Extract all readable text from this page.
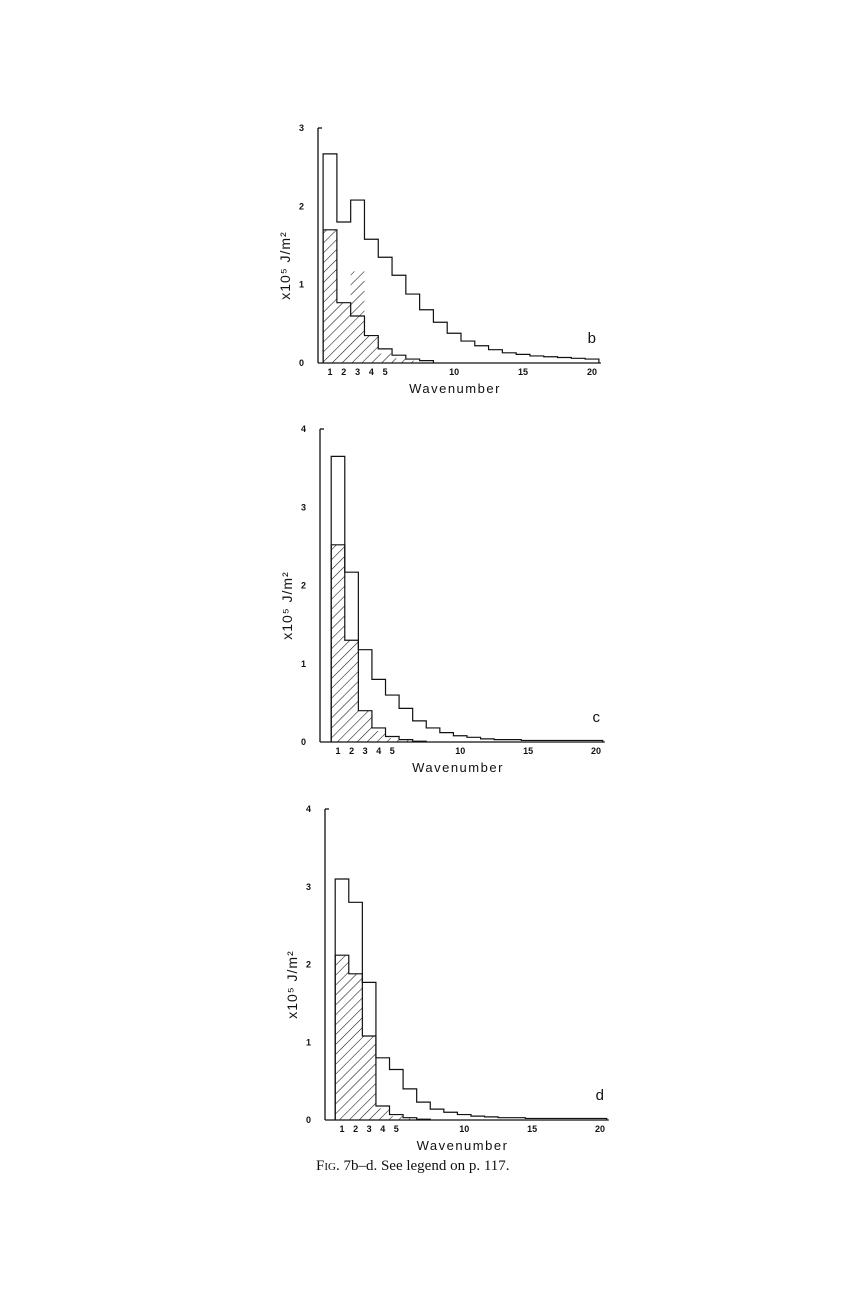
0
1
2
3
1 2 3 4 5	10	15	20
Wavenumber
x10⁵ J/m²
b
0
1
2
3
4
1 2 3 4 5	10	15	20
Wavenumber
x10⁵ J/m²
c
0
1
2
3
4
1 2 3 4 5	10	15	20
Wavenumber
x10⁵ J/m²
d
Fig. 7b–d. See legend on p. 117.
